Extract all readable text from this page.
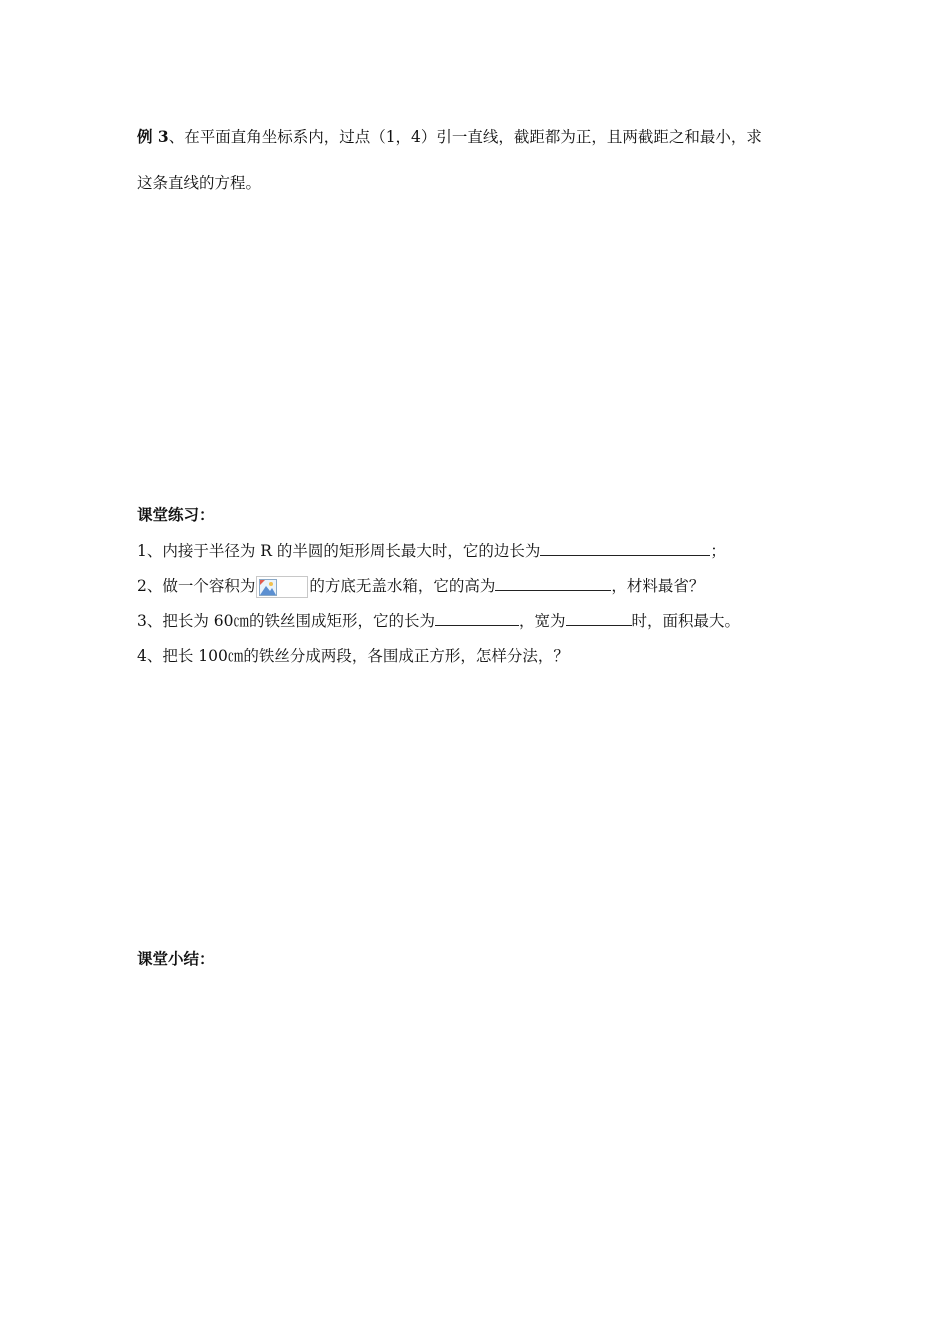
例 3、在平面直角坐标系内，过点（1，4）引一直线，截距都为正，且两截距之和最小，求
这条直线的方程。
课堂练习：
1、内接于半径为 R 的半圆的矩形周长最大时，它的边长为	；
2、做一个容积为	的方底无盖水箱，它的高为	，材料最省？
3、把长为 60㎝的铁丝围成矩形，它的长为	，宽为	时，面积最大。
4、把长 100㎝的铁丝分成两段，各围成正方形，怎样分法，？
课堂小结：
